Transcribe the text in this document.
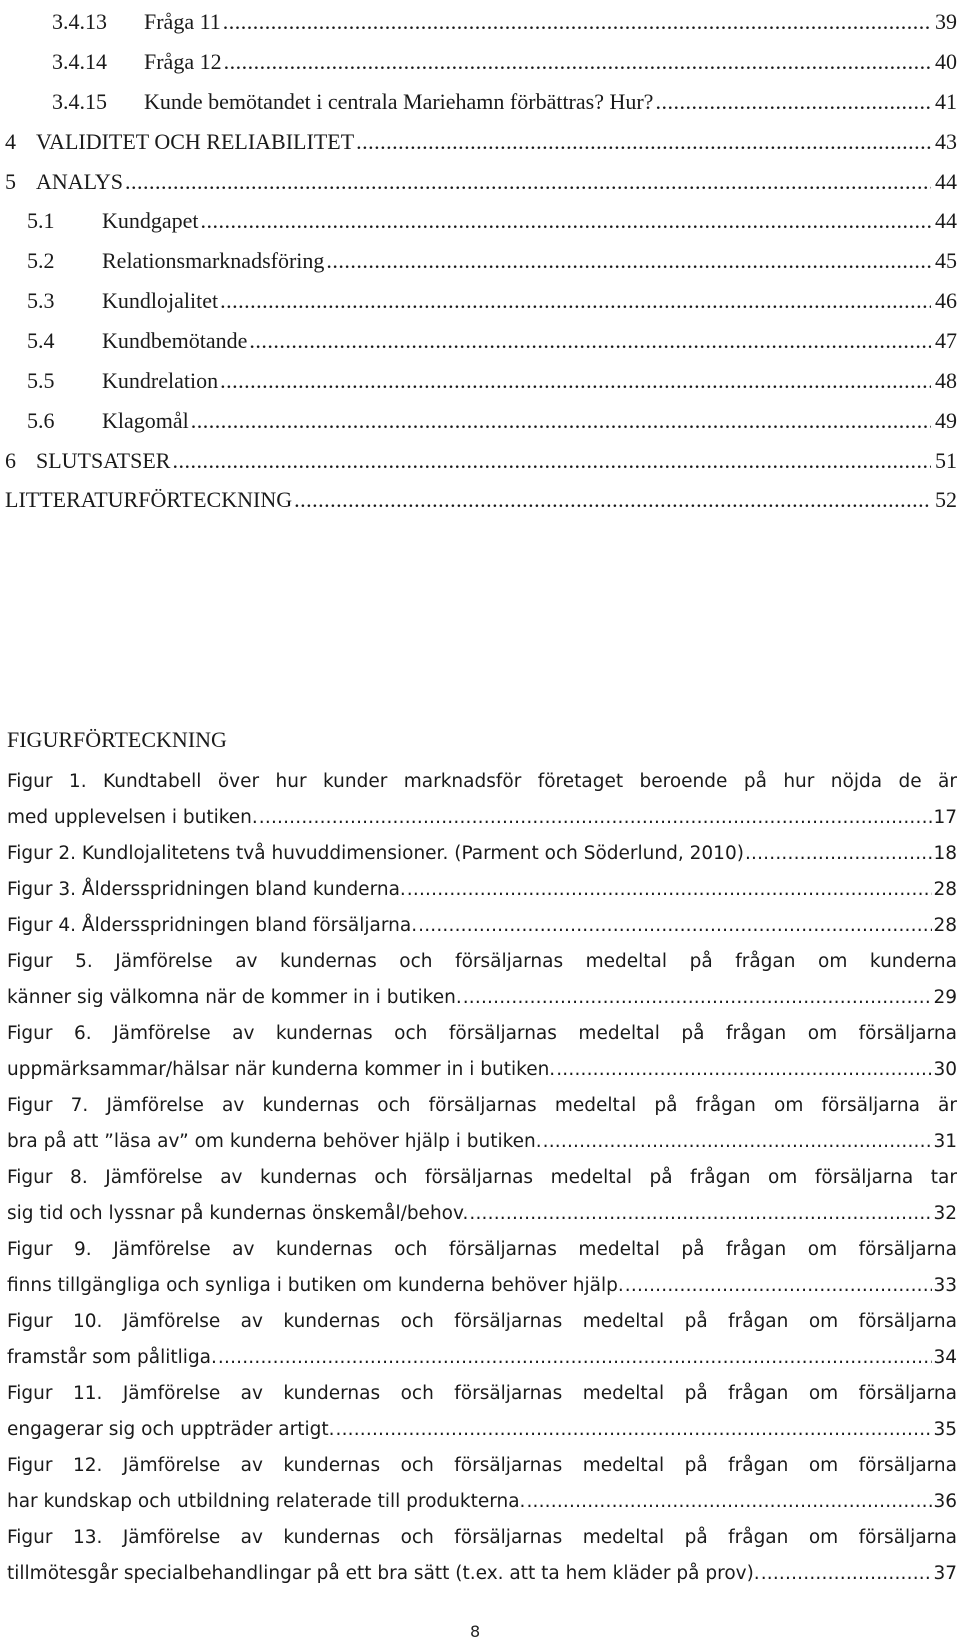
3.4.13	Fråga 11 .....	39
3.4.14	Fråga 12 .....	40
3.4.15	Kunde bemötandet i centrala Mariehamn förbättras? Hur? .....	41
4 VALIDITET OCH RELIABILITET .....	43
5 ANALYS .....	44
5.1	Kundgapet .....	44
5.2	Relationsmarknadsföring .....	45
5.3	Kundlojalitet .....	46
5.4	Kundbemötande .....	47
5.5	Kundrelation .....	48
5.6	Klagomål .....	49
6 SLUTSATSER .....	51
LITTERATURFÖRTECKNING .....	52
FIGURFÖRTECKNING
Figur 1. Kundtabell över hur kunder marknadsför företaget beroende på hur nöjda de är
med upplevelsen i butiken. .....	17
Figur 2. Kundlojalitetens två huvuddimensioner. (Parment och Söderlund, 2010) .....	18
Figur 3. Åldersspridningen bland kunderna. .....	28
Figur 4. Åldersspridningen bland försäljarna. .....	28
Figur 5. Jämförelse av kundernas och försäljarnas medeltal på frågan om kunderna
känner sig välkomna när de kommer in i butiken. .....	29
Figur 6. Jämförelse av kundernas och försäljarnas medeltal på frågan om försäljarna
uppmärksammar/hälsar när kunderna kommer in i butiken. .....	30
Figur 7. Jämförelse av kundernas och försäljarnas medeltal på frågan om försäljarna är
bra på att ”läsa av” om kunderna behöver hjälp i butiken. .....	31
Figur 8. Jämförelse av kundernas och försäljarnas medeltal på frågan om försäljarna tar
sig tid och lyssnar på kundernas önskemål/behov. .....	32
Figur 9. Jämförelse av kundernas och försäljarnas medeltal på frågan om försäljarna
finns tillgängliga och synliga i butiken om kunderna behöver hjälp. .....	33
Figur 10. Jämförelse av kundernas och försäljarnas medeltal på frågan om försäljarna
framstår som pålitliga. .....	34
Figur 11. Jämförelse av kundernas och försäljarnas medeltal på frågan om försäljarna
engagerar sig och uppträder artigt. .....	35
Figur 12. Jämförelse av kundernas och försäljarnas medeltal på frågan om försäljarna
har kundskap och utbildning relaterade till produkterna. .....	36
Figur 13. Jämförelse av kundernas och försäljarnas medeltal på frågan om försäljarna
tillmötesgår specialbehandlingar på ett bra sätt (t.ex. att ta hem kläder på prov). .....	37
8
